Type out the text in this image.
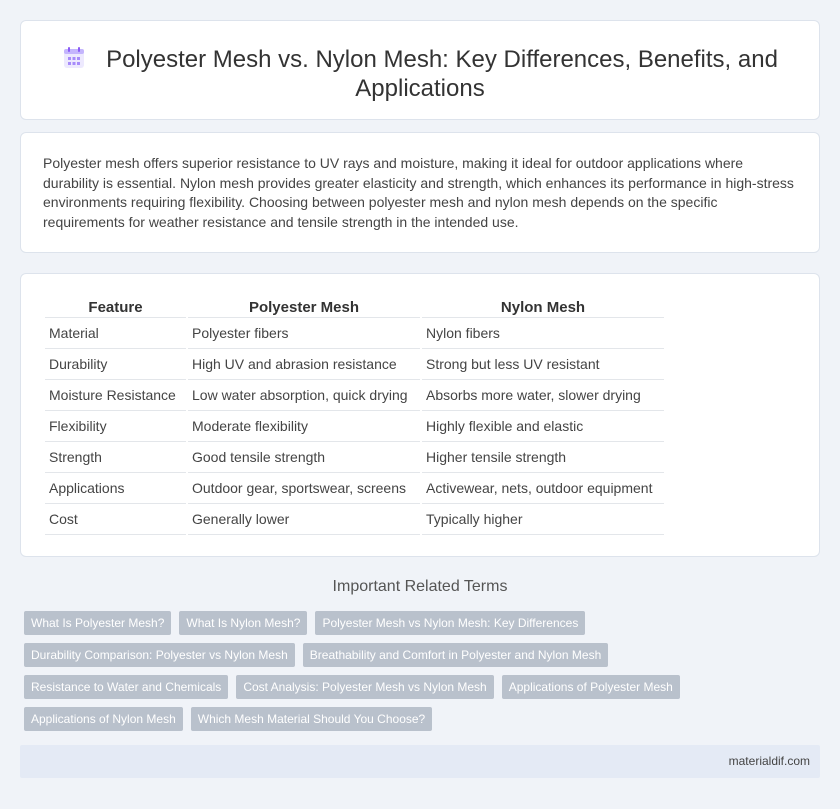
Polyester Mesh vs. Nylon Mesh: Key Differences, Benefits, and Applications

Polyester mesh offers superior resistance to UV rays and moisture, making it ideal for outdoor applications where durability is essential. Nylon mesh provides greater elasticity and strength, which enhances its performance in high-stress environments requiring flexibility. Choosing between polyester mesh and nylon mesh depends on the specific requirements for weather resistance and tensile strength in the intended use.

Feature	Polyester Mesh	Nylon Mesh
Material	Polyester fibers	Nylon fibers
Durability	High UV and abrasion resistance	Strong but less UV resistant
Moisture Resistance	Low water absorption, quick drying	Absorbs more water, slower drying
Flexibility	Moderate flexibility	Highly flexible and elastic
Strength	Good tensile strength	Higher tensile strength
Applications	Outdoor gear, sportswear, screens	Activewear, nets, outdoor equipment
Cost	Generally lower	Typically higher
Important Related Terms
What Is Polyester Mesh?	What Is Nylon Mesh?	Polyester Mesh vs Nylon Mesh: Key Differences
Durability Comparison: Polyester vs Nylon Mesh	Breathability and Comfort in Polyester and Nylon Mesh
Resistance to Water and Chemicals	Cost Analysis: Polyester Mesh vs Nylon Mesh	Applications of Polyester Mesh
Applications of Nylon Mesh	Which Mesh Material Should You Choose?
materialdif.com
